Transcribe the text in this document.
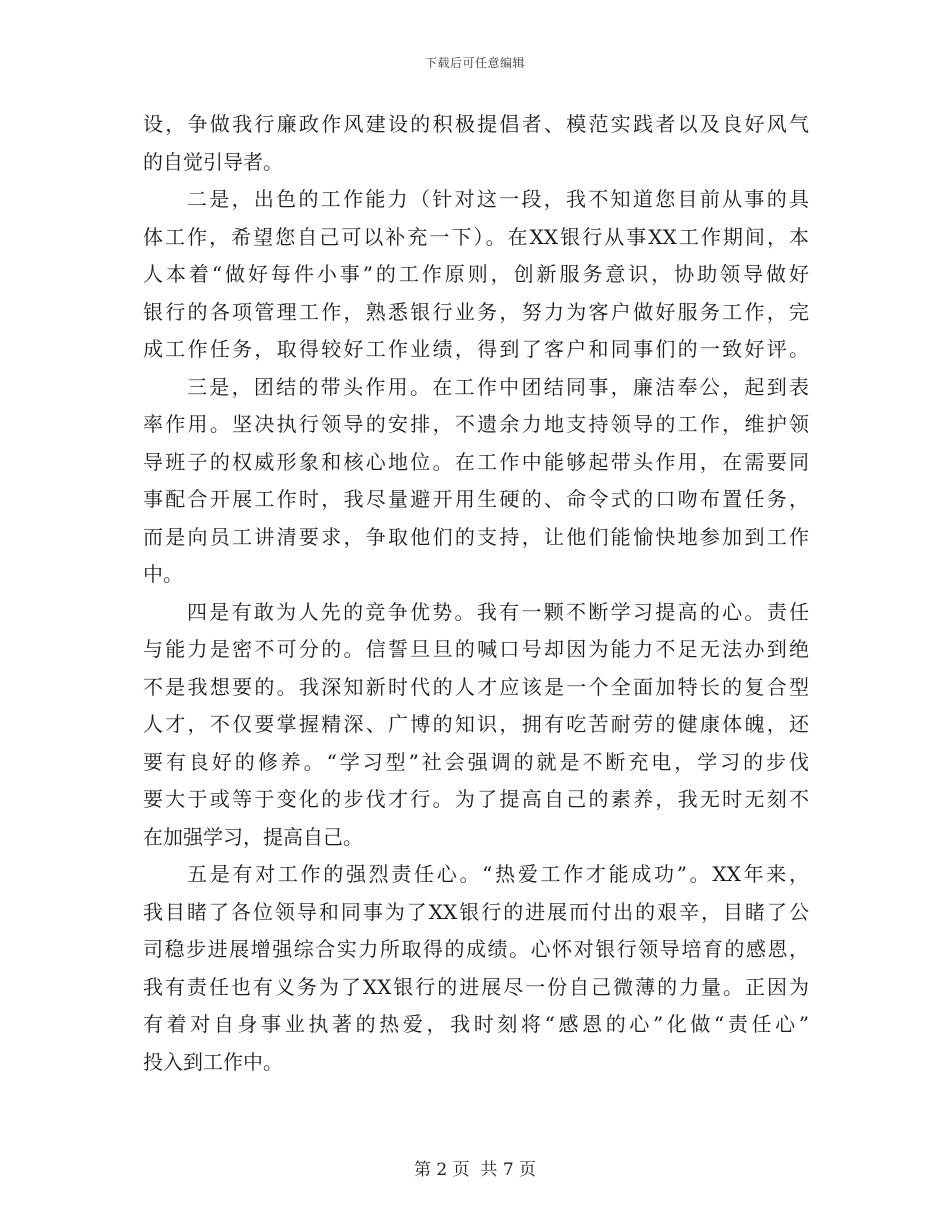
下载后可任意编辑
设，争做我行廉政作风建设的积极提倡者、模范实践者以及良好风气
的自觉引导者。
二是，出色的工作能力（针对这一段，我不知道您目前从事的具
体工作，希望您自己可以补充一下）。在XX银行从事XX工作期间，本
人本着“做好每件小事”的工作原则，创新服务意识，协助领导做好
银行的各项管理工作，熟悉银行业务，努力为客户做好服务工作，完
成工作任务，取得较好工作业绩，得到了客户和同事们的一致好评。
三是，团结的带头作用。在工作中团结同事，廉洁奉公，起到表
率作用。坚决执行领导的安排，不遗余力地支持领导的工作，维护领
导班子的权威形象和核心地位。在工作中能够起带头作用，在需要同
事配合开展工作时，我尽量避开用生硬的、命令式的口吻布置任务，
而是向员工讲清要求，争取他们的支持，让他们能愉快地参加到工作
中。
四是有敢为人先的竞争优势。我有一颗不断学习提高的心。责任
与能力是密不可分的。信誓旦旦的喊口号却因为能力不足无法办到绝
不是我想要的。我深知新时代的人才应该是一个全面加特长的复合型
人才，不仅要掌握精深、广博的知识，拥有吃苦耐劳的健康体魄，还
要有良好的修养。“学习型”社会强调的就是不断充电，学习的步伐
要大于或等于变化的步伐才行。为了提高自己的素养，我无时无刻不
在加强学习，提高自己。
五是有对工作的强烈责任心。“热爱工作才能成功”。XX年来，
我目睹了各位领导和同事为了XX银行的进展而付出的艰辛，目睹了公
司稳步进展增强综合实力所取得的成绩。心怀对银行领导培育的感恩，
我有责任也有义务为了XX银行的进展尽一份自己微薄的力量。正因为
有着对自身事业执著的热爱，我时刻将“感恩的心”化做“责任心”
投入到工作中。
第 2 页  共 7 页
